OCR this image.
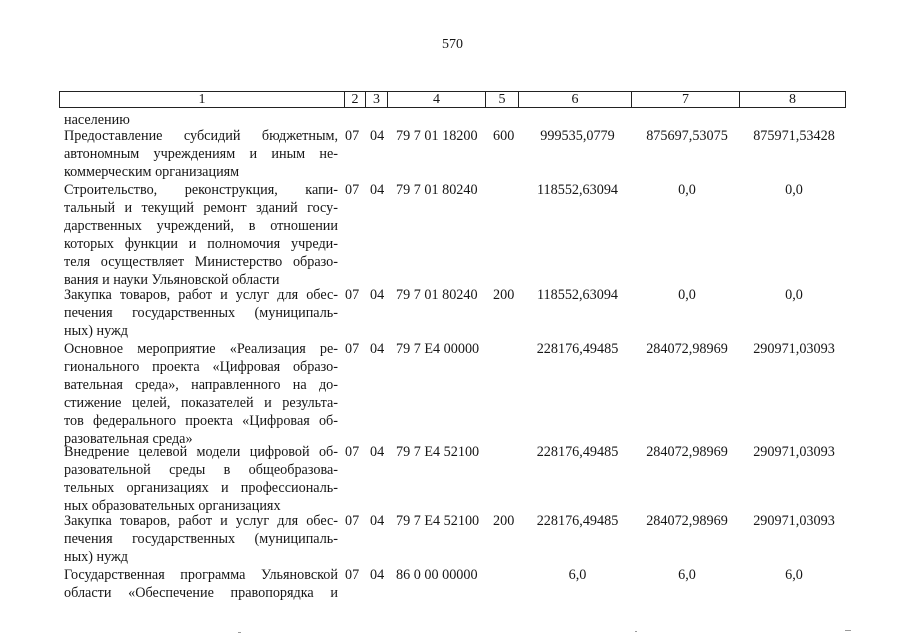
570
1	2	3	4	5	6	7	8
населению
Предоставление субсидий бюджетным,
автономным учреждениям и иным не-
коммерческим организациям
07 04 79 7 01 18200 600	999535,0779	875697,53075	875971,53428
Строительство, реконструкция, капи-
тальный и текущий ремонт зданий госу-
дарственных учреждений, в отношении
которых функции и полномочия учреди-
теля осуществляет Министерство образо-
вания и науки Ульяновской области
07 04 79 7 01 80240	118552,63094	0,0	0,0
Закупка товаров, работ и услуг для обес-
печения государственных (муниципаль-
ных) нужд
07 04 79 7 01 80240 200	118552,63094	0,0	0,0
Основное мероприятие «Реализация ре-
гионального проекта «Цифровая образо-
вательная среда», направленного на до-
стижение целей, показателей и результа-
тов федерального проекта «Цифровая об-
разовательная среда»
07 04 79 7 E4 00000	228176,49485	284072,98969	290971,03093
Внедрение целевой модели цифровой об-
разовательной среды в общеобразова-
тельных организациях и профессиональ-
ных образовательных организациях
07 04 79 7 E4 52100	228176,49485	284072,98969	290971,03093
Закупка товаров, работ и услуг для обес-
печения государственных (муниципаль-
ных) нужд
07 04 79 7 E4 52100 200	228176,49485	284072,98969	290971,03093
Государственная программа Ульяновской
области «Обеспечение правопорядка и
07 04 86 0 00 00000	6,0	6,0	6,0
